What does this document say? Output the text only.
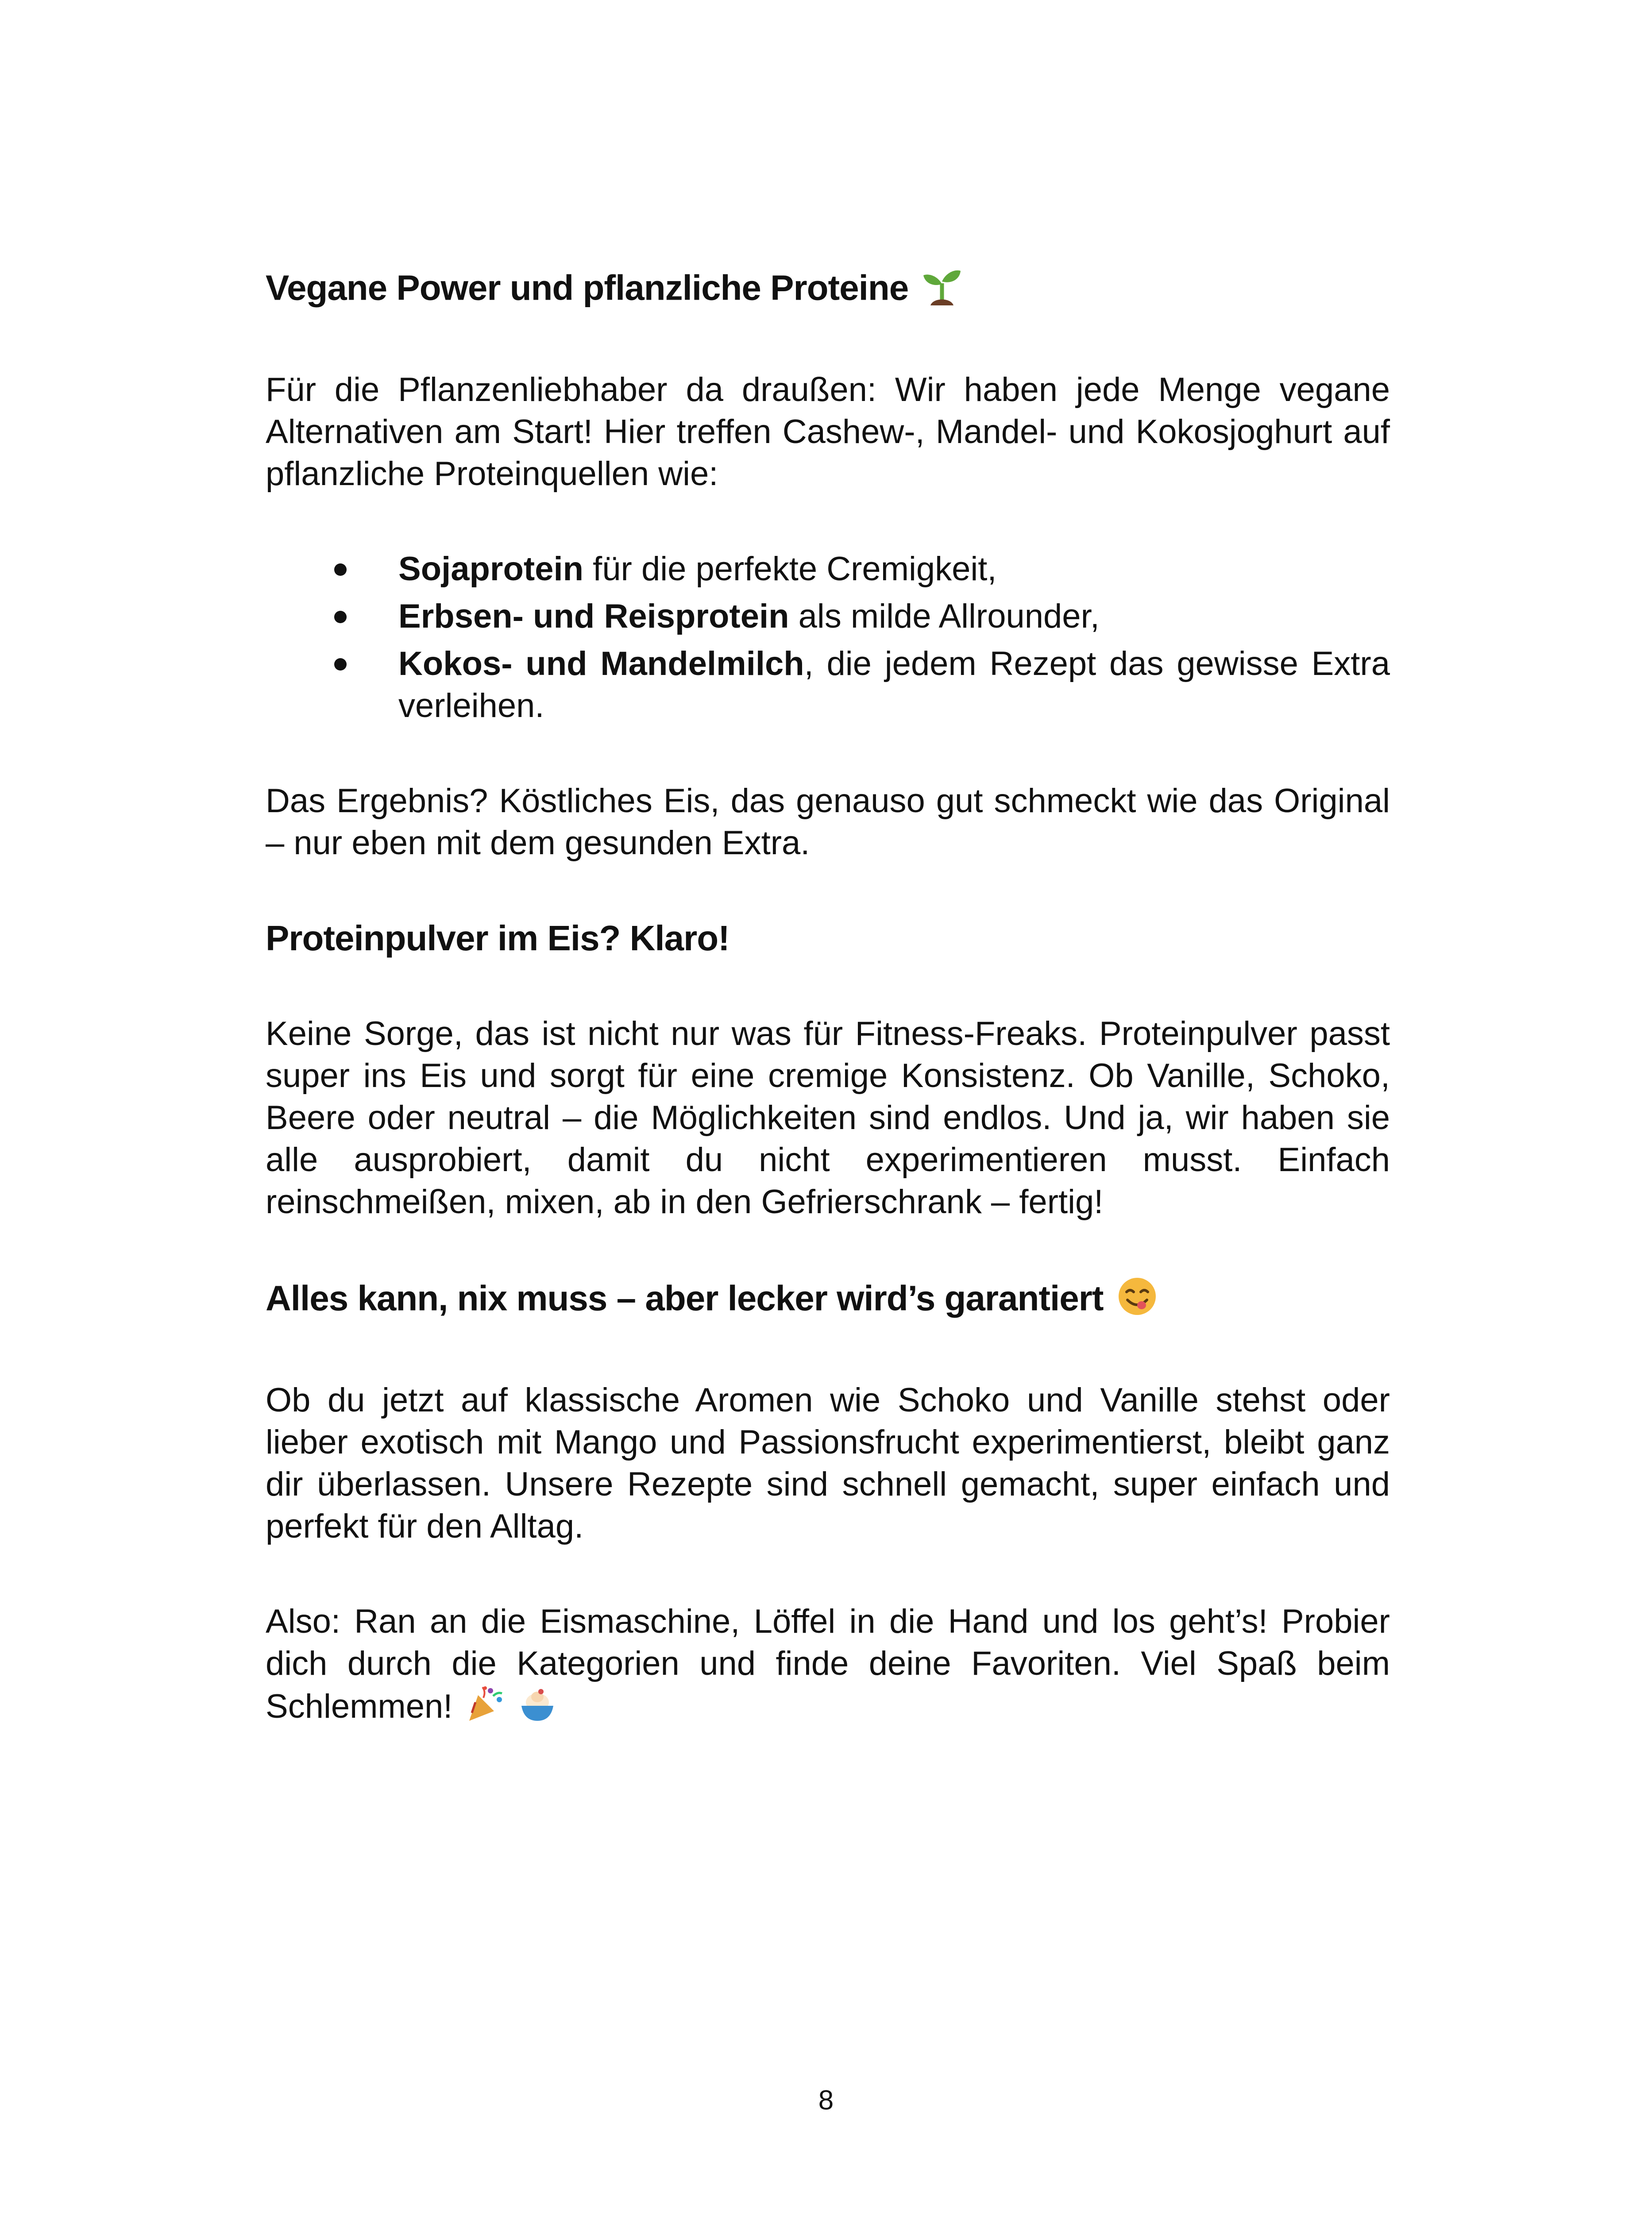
Vegane Power und pflanzliche Proteine

Für die Pflanzenliebhaber da draußen: Wir haben jede Menge vegane Alternativen am Start! Hier treffen Cashew-, Mandel- und Kokosjoghurt auf pflanzliche Proteinquellen wie:

Sojaprotein für die perfekte Cremigkeit,
Erbsen- und Reisprotein als milde Allrounder,
Kokos- und Mandelmilch, die jedem Rezept das gewisse Extra verleihen.

Das Ergebnis? Köstliches Eis, das genauso gut schmeckt wie das Original – nur eben mit dem gesunden Extra.

Proteinpulver im Eis? Klaro!

Keine Sorge, das ist nicht nur was für Fitness-Freaks. Proteinpulver passt super ins Eis und sorgt für eine cremige Konsistenz. Ob Vanille, Schoko, Beere oder neutral – die Möglichkeiten sind endlos. Und ja, wir haben sie alle ausprobiert, damit du nicht experimentieren musst. Einfach reinschmeißen, mixen, ab in den Gefrierschrank – fertig!

Alles kann, nix muss – aber lecker wird’s garantiert

Ob du jetzt auf klassische Aromen wie Schoko und Vanille stehst oder lieber exotisch mit Mango und Passionsfrucht experimentierst, bleibt ganz dir überlassen. Unsere Rezepte sind schnell gemacht, super einfach und perfekt für den Alltag.

Also: Ran an die Eismaschine, Löffel in die Hand und los geht’s! Probier dich durch die Kategorien und finde deine Favoriten. Viel Spaß beim Schlemmen!

8
